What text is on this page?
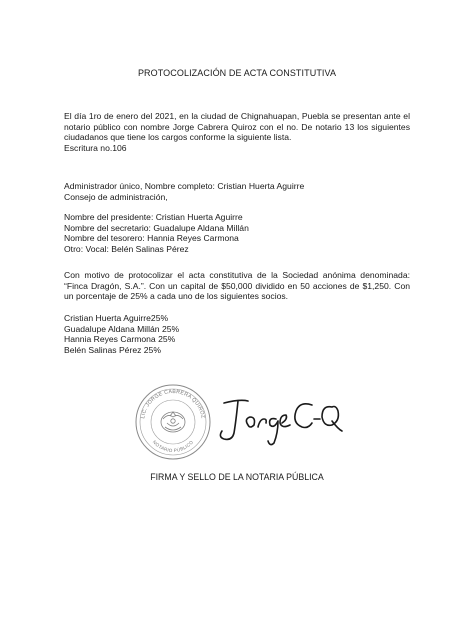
PROTOCOLIZACIÓN DE ACTA CONSTITUTIVA

El día 1ro de enero del 2021, en la ciudad de Chignahuapan, Puebla se presentan ante el notario público con nombre Jorge Cabrera Quiroz con el no. De notario 13 los siguientes ciudadanos que tiene los cargos conforme la siguiente lista.

Escritura no.106

Administrador único, Nombre completo: Cristian Huerta Aguirre

Consejo de administración,

Nombre del presidente: Cristian Huerta Aguirre

Nombre del secretario: Guadalupe Aldana Millán

Nombre del tesorero: Hannia Reyes Carmona

Otro: Vocal: Belén Salinas Pérez

Con motivo de protocolizar el acta constitutiva de la Sociedad anónima denominada: “Finca Dragón, S.A.”. Con un capital de $50,000 dividido en 50 acciones de $1,250. Con un porcentaje de 25% a cada uno de los siguientes socios.

Cristian Huerta Aguirre25%

Guadalupe Aldana Millán 25%

Hannia Reyes Carmona 25%

Belén Salinas Pérez 25%

LIC. JORGE CABRERA QUIROZ
NOTARIO PÚBLICO
FIRMA Y SELLO DE LA NOTARIA PÚBLICA
